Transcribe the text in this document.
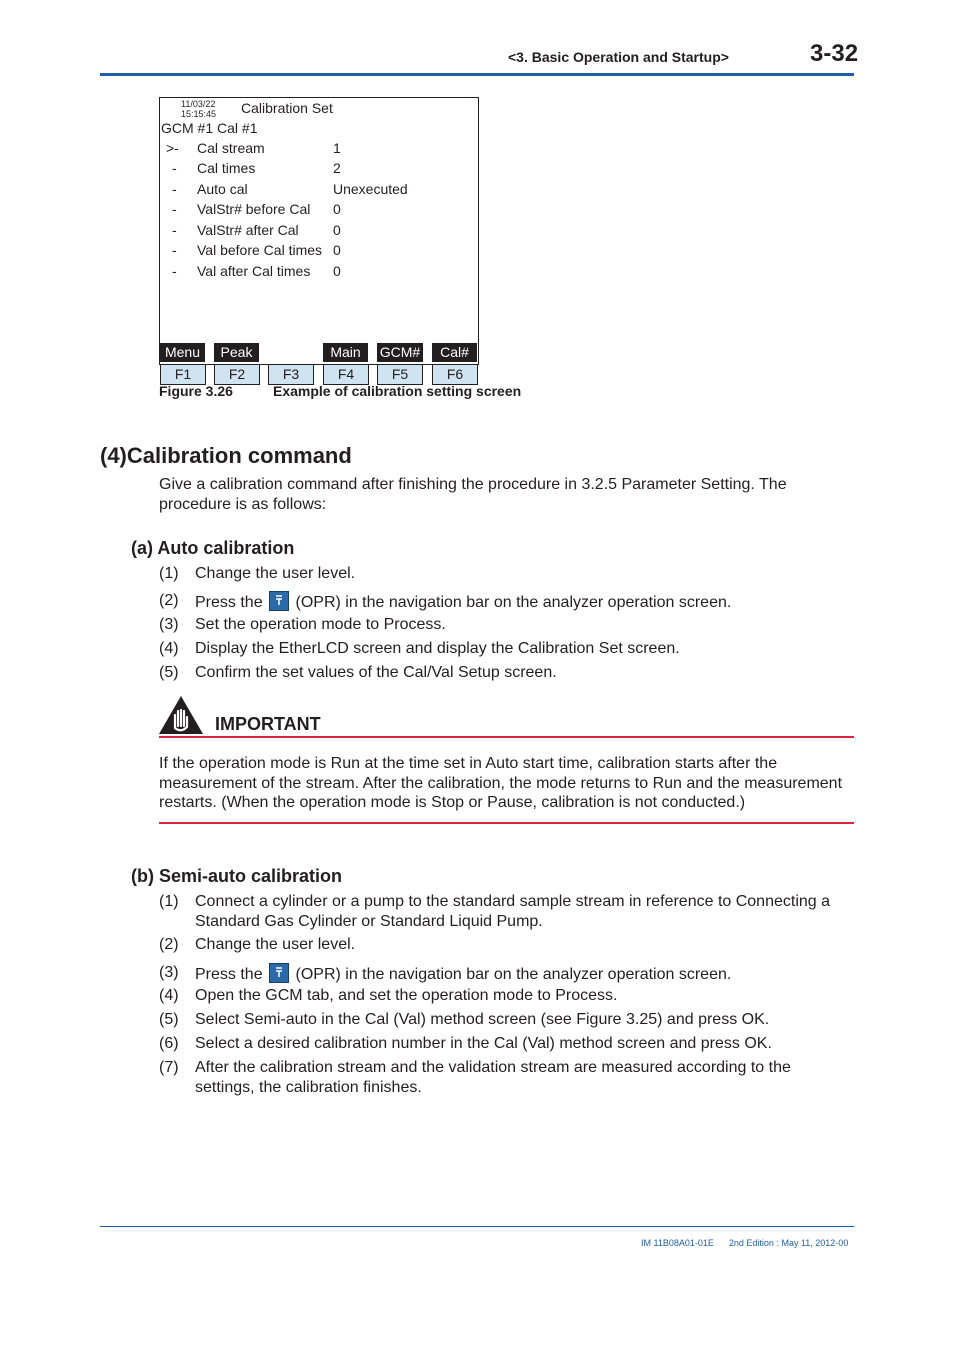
<3. Basic Operation and Startup>	3-32
11/03/22
15:15:45 Calibration Set
GCM #1 Cal #1
>- Cal stream	1
- Cal times	2
- Auto cal	Unexecuted
- ValStr# before Cal 0
- ValStr# after Cal 0
- Val before Cal times 0
- Val after Cal times 0
Menu	Peak	Main	GCM#	Cal#
F1	F2	F3	F4	F5	F6
Figure 3.26	Example of calibration setting screen
(4)Calibration command
Give a calibration command after finishing the procedure in 3.2.5 Parameter Setting. The procedure is as follows:
(a) Auto calibration
(1) Change the user level.
(2) Press the (OPR) in the navigation bar on the analyzer operation screen.
(3) Set the operation mode to Process.
(4) Display the EtherLCD screen and display the Calibration Set screen.
(5) Confirm the set values of the Cal/Val Setup screen.
IMPORTANT
If the operation mode is Run at the time set in Auto start time, calibration starts after the measurement of the stream. After the calibration, the mode returns to Run and the measurement restarts. (When the operation mode is Stop or Pause, calibration is not conducted.)
(b) Semi-auto calibration
(1) Connect a cylinder or a pump to the standard sample stream in reference to Connecting a Standard Gas Cylinder or Standard Liquid Pump.
(2) Change the user level.
(3) Press the (OPR) in the navigation bar on the analyzer operation screen.
(4) Open the GCM tab, and set the operation mode to Process.
(5) Select Semi-auto in the Cal (Val) method screen (see Figure 3.25) and press OK.
(6) Select a desired calibration number in the Cal (Val) method screen and press OK.
(7) After the calibration stream and the validation stream are measured according to the settings, the calibration finishes.
IM 11B08A01-01E 2nd Edition : May 11, 2012-00
